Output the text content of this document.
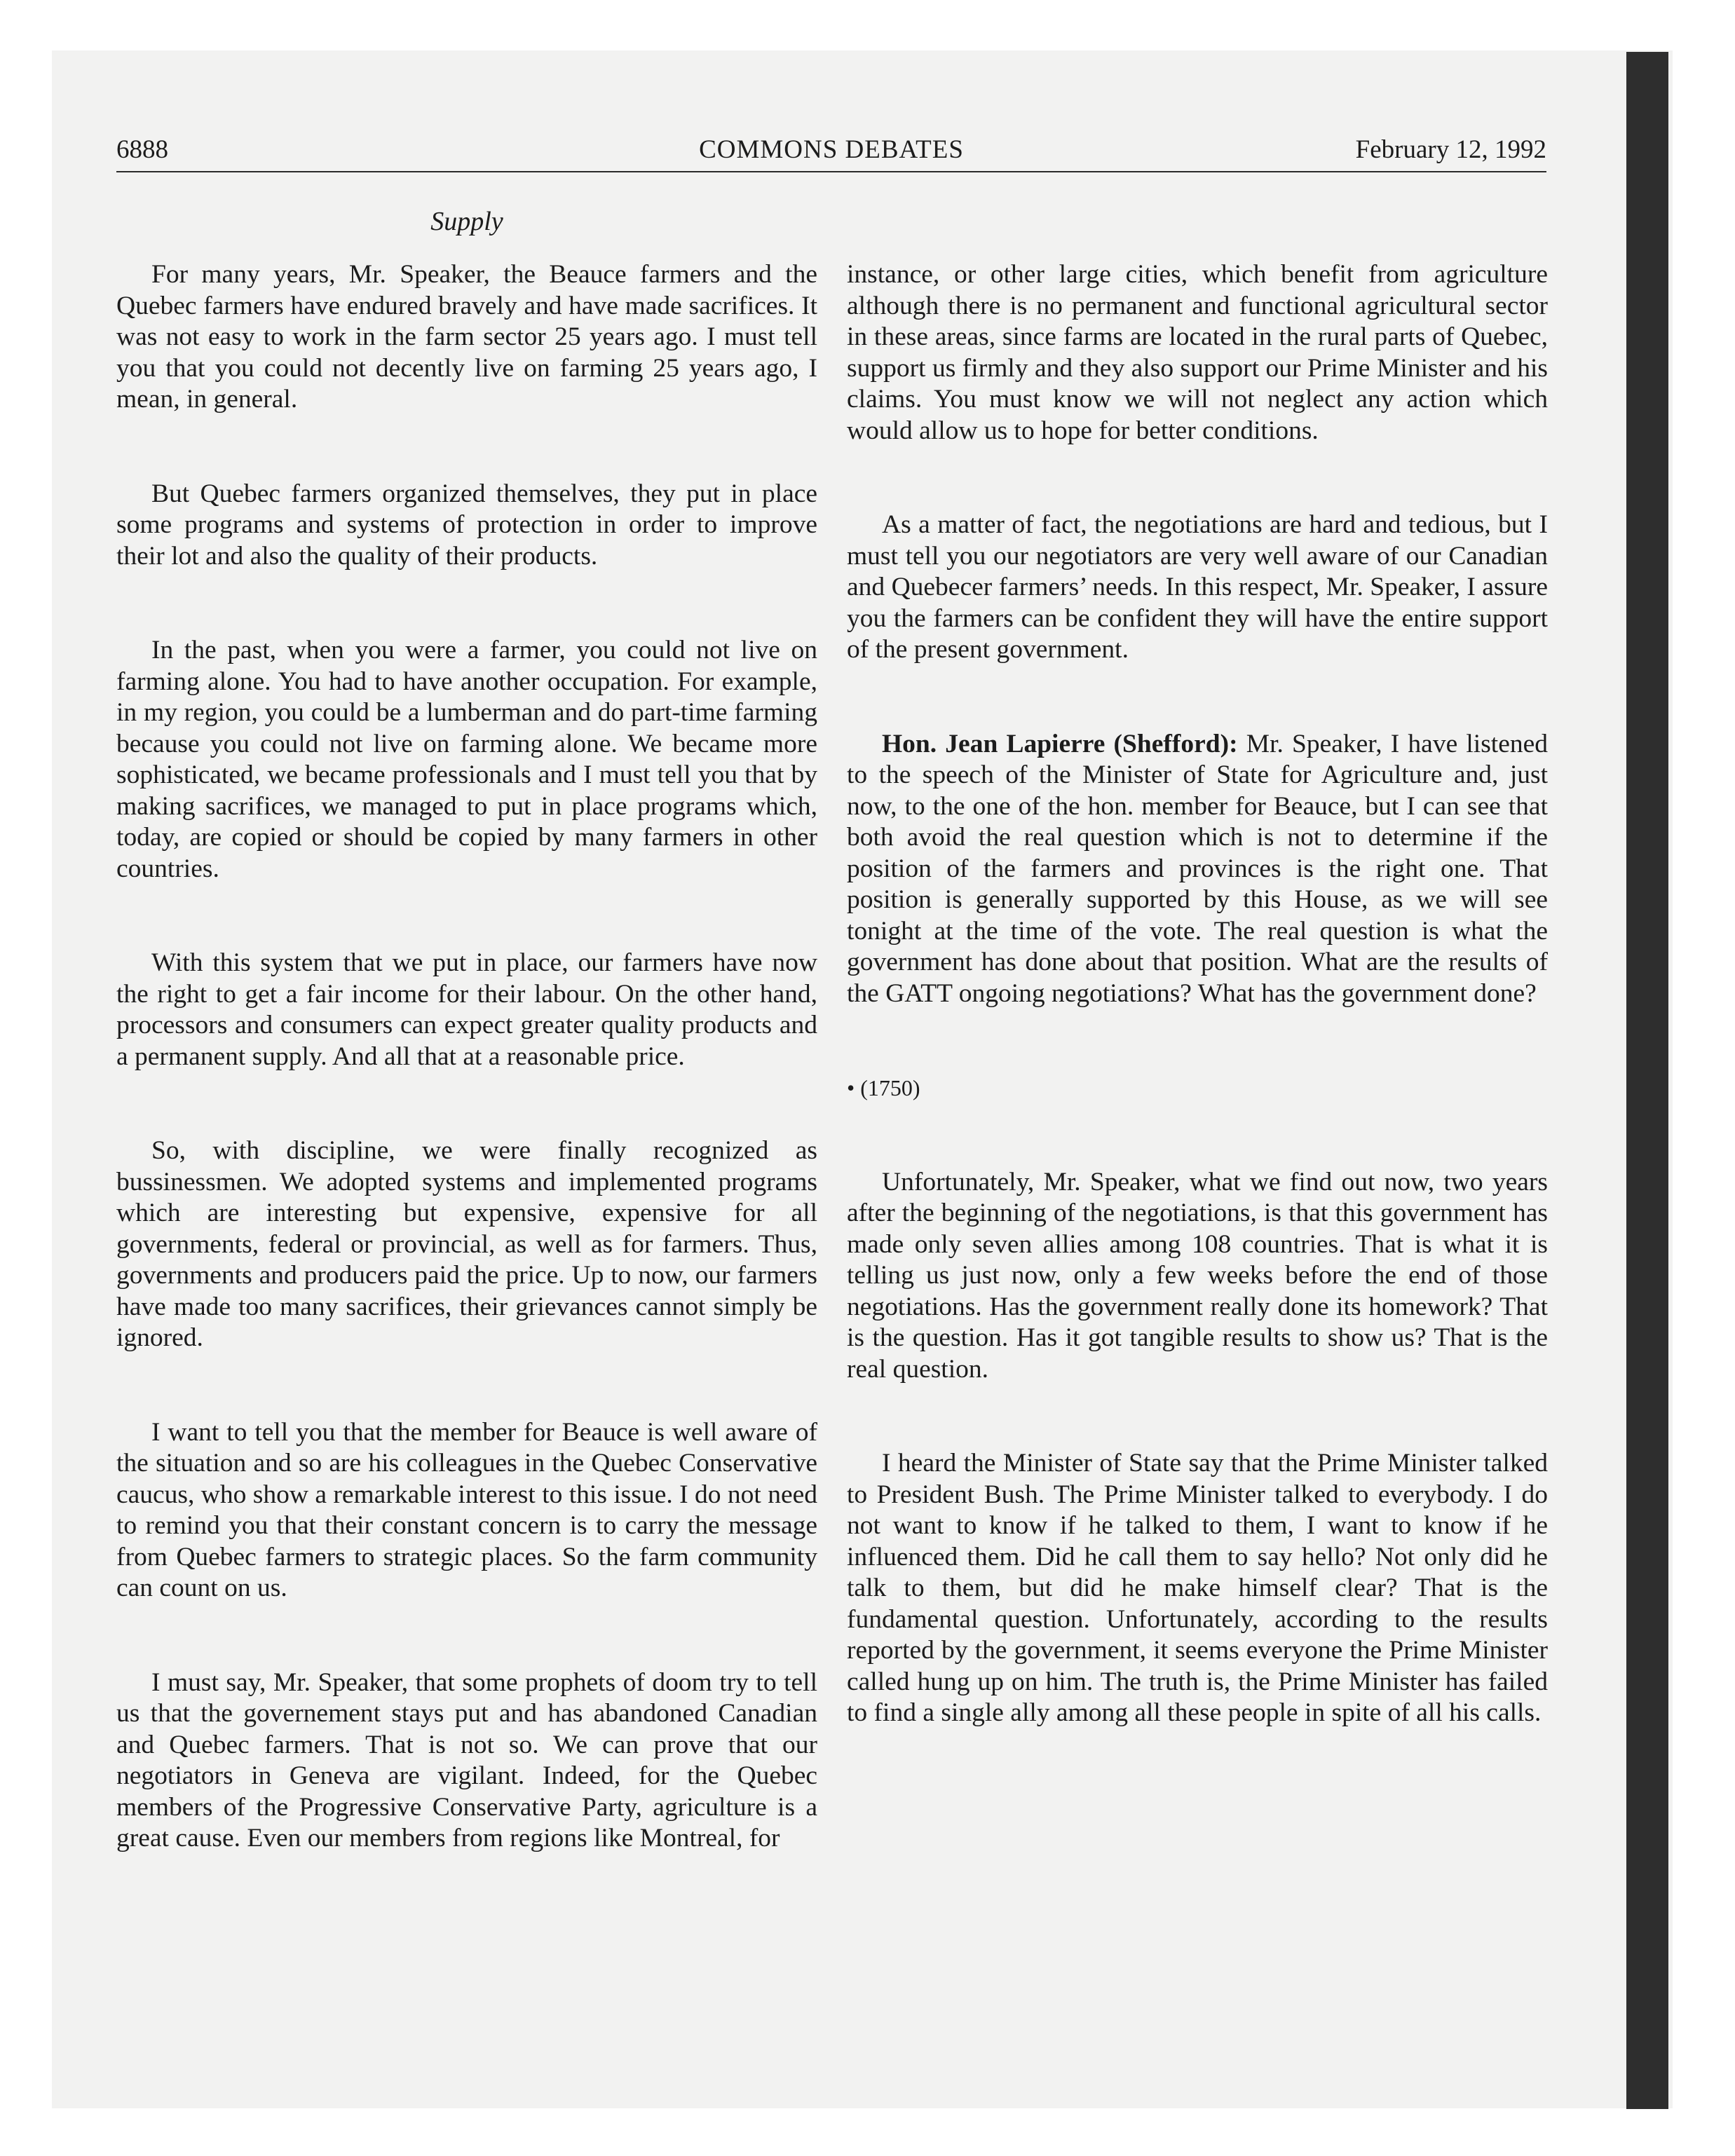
6888	COMMONS DEBATES	February 12, 1992
Supply

For many years, Mr. Speaker, the Beauce farmers and the Quebec farmers have endured bravely and have made sacrifices. It was not easy to work in the farm sector 25 years ago. I must tell you that you could not decently live on farming 25 years ago, I mean, in general.

But Quebec farmers organized themselves, they put in place some programs and systems of protection in order to improve their lot and also the quality of their products.

In the past, when you were a farmer, you could not live on farming alone. You had to have another occupation. For example, in my region, you could be a lumberman and do part-time farming because you could not live on farming alone. We became more sophisticated, we became professionals and I must tell you that by making sacrifices, we managed to put in place programs which, today, are copied or should be copied by many farmers in other countries.

With this system that we put in place, our farmers have now the right to get a fair income for their labour. On the other hand, processors and consumers can expect greater quality products and a permanent supply. And all that at a reasonable price.

So, with discipline, we were finally recognized as bussinessmen. We adopted systems and implemented programs which are interesting but expensive, expensive for all governments, federal or provincial, as well as for farmers. Thus, governments and producers paid the price. Up to now, our farmers have made too many sacrifices, their grievances cannot simply be ignored.

I want to tell you that the member for Beauce is well aware of the situation and so are his colleagues in the Quebec Conservative caucus, who show a remarkable interest to this issue. I do not need to remind you that their constant concern is to carry the message from Quebec farmers to strategic places. So the farm community can count on us.

I must say, Mr. Speaker, that some prophets of doom try to tell us that the governement stays put and has abandoned Canadian and Quebec farmers. That is not so. We can prove that our negotiators in Geneva are vigilant. Indeed, for the Quebec members of the Progressive Conservative Party, agriculture is a great cause. Even our members from regions like Montreal, for

instance, or other large cities, which benefit from agriculture although there is no permanent and functional agricultural sector in these areas, since farms are located in the rural parts of Quebec, support us firmly and they also support our Prime Minister and his claims. You must know we will not neglect any action which would allow us to hope for better conditions.

As a matter of fact, the negotiations are hard and tedious, but I must tell you our negotiators are very well aware of our Canadian and Quebecer farmers’ needs. In this respect, Mr. Speaker, I assure you the farmers can be confident they will have the entire support of the present government.

Hon. Jean Lapierre (Shefford): Mr. Speaker, I have listened to the speech of the Minister of State for Agriculture and, just now, to the one of the hon. member for Beauce, but I can see that both avoid the real question which is not to determine if the position of the farmers and provinces is the right one. That position is generally supported by this House, as we will see tonight at the time of the vote. The real question is what the government has done about that position. What are the results of the GATT ongoing negotiations? What has the government done?

• (1750)

Unfortunately, Mr. Speaker, what we find out now, two years after the beginning of the negotiations, is that this government has made only seven allies among 108 countries. That is what it is telling us just now, only a few weeks before the end of those negotiations. Has the government really done its homework? That is the question. Has it got tangible results to show us? That is the real question.

I heard the Minister of State say that the Prime Minister talked to President Bush. The Prime Minister talked to everybody. I do not want to know if he talked to them, I want to know if he influenced them. Did he call them to say hello? Not only did he talk to them, but did he make himself clear? That is the fundamental question. Unfortunately, according to the results reported by the government, it seems everyone the Prime Minister called hung up on him. The truth is, the Prime Minister has failed to find a single ally among all these people in spite of all his calls.
